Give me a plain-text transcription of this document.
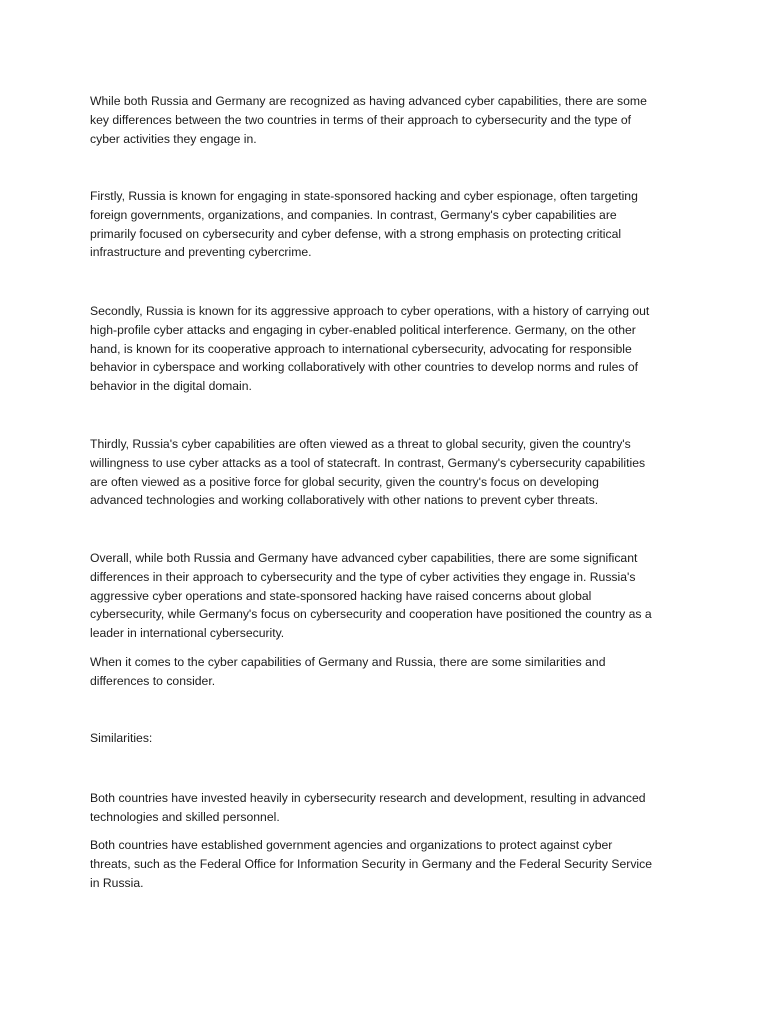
While both Russia and Germany are recognized as having advanced cyber capabilities, there are some
key differences between the two countries in terms of their approach to cybersecurity and the type of
cyber activities they engage in.

Firstly, Russia is known for engaging in state-sponsored hacking and cyber espionage, often targeting
foreign governments, organizations, and companies. In contrast, Germany's cyber capabilities are
primarily focused on cybersecurity and cyber defense, with a strong emphasis on protecting critical
infrastructure and preventing cybercrime.

Secondly, Russia is known for its aggressive approach to cyber operations, with a history of carrying out
high-profile cyber attacks and engaging in cyber-enabled political interference. Germany, on the other
hand, is known for its cooperative approach to international cybersecurity, advocating for responsible
behavior in cyberspace and working collaboratively with other countries to develop norms and rules of
behavior in the digital domain.

Thirdly, Russia's cyber capabilities are often viewed as a threat to global security, given the country's
willingness to use cyber attacks as a tool of statecraft. In contrast, Germany's cybersecurity capabilities
are often viewed as a positive force for global security, given the country's focus on developing
advanced technologies and working collaboratively with other nations to prevent cyber threats.

Overall, while both Russia and Germany have advanced cyber capabilities, there are some significant
differences in their approach to cybersecurity and the type of cyber activities they engage in. Russia's
aggressive cyber operations and state-sponsored hacking have raised concerns about global
cybersecurity, while Germany's focus on cybersecurity and cooperation have positioned the country as a
leader in international cybersecurity.

When it comes to the cyber capabilities of Germany and Russia, there are some similarities and
differences to consider.

Similarities:

Both countries have invested heavily in cybersecurity research and development, resulting in advanced
technologies and skilled personnel.

Both countries have established government agencies and organizations to protect against cyber
threats, such as the Federal Office for Information Security in Germany and the Federal Security Service
in Russia.
